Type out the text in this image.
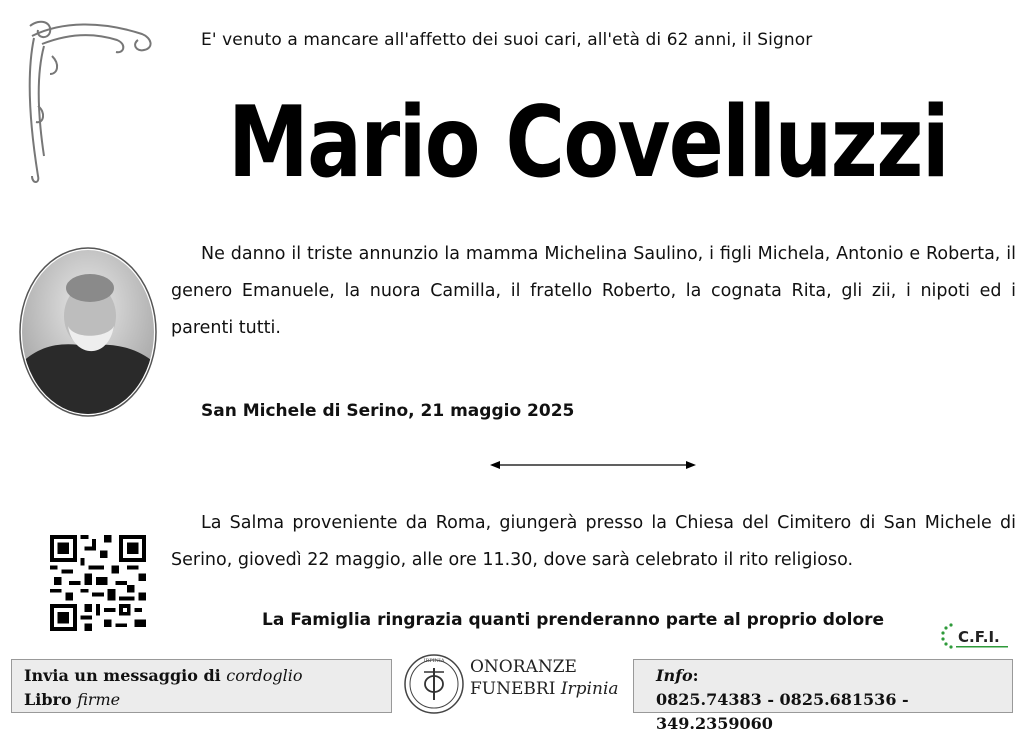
E' venuto a mancare all'affetto dei suoi cari, all'età di 62 anni, il Signor
Mario Covelluzzi

Ne danno il triste annunzio la mamma Michelina Saulino, i figli Michela, Antonio e Roberta, il genero Emanuele, la nuora Camilla, il fratello Roberto, la cognata Rita, gli zii, i nipoti ed i parenti tutti.

San Michele di Serino, 21 maggio 2025

La Salma proveniente da Roma, giungerà presso la Chiesa del Cimitero di San Michele di Serino, giovedì 22 maggio, alle ore 11.30, dove sarà celebrato il rito religioso.

La Famiglia ringrazia quanti prenderanno parte al proprio dolore
C.F.I.
Invia un messaggio di cordoglio
Libro firme
IRPINIA ONORANZE
FUNEBRI Irpinia
Info:
0825.74383 - 0825.681536 - 349.2359060
